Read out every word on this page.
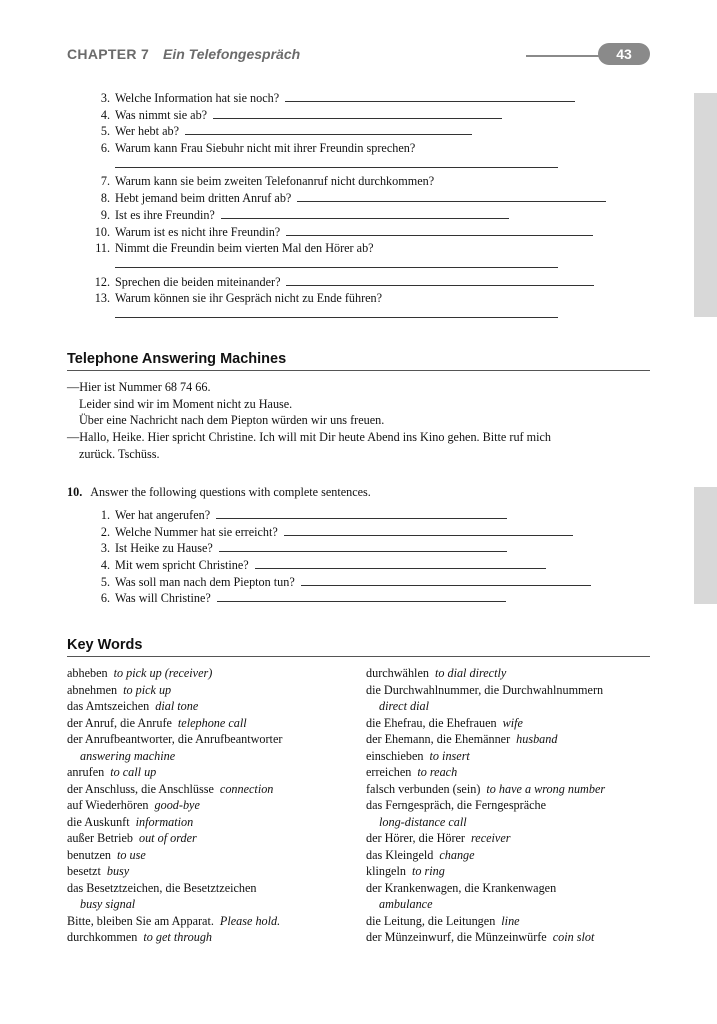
CHAPTER 7 Ein Telefongespräch	43
3. Welche Information hat sie noch?
4. Was nimmt sie ab?
5. Wer hebt ab?
6. Warum kann Frau Siebuhr nicht mit ihrer Freundin sprechen?
7. Warum kann sie beim zweiten Telefonanruf nicht durchkommen?
8. Hebt jemand beim dritten Anruf ab?
9. Ist es ihre Freundin?
10. Warum ist es nicht ihre Freundin?
11. Nimmt die Freundin beim vierten Mal den Hörer ab?
12. Sprechen die beiden miteinander?
13. Warum können sie ihr Gespräch nicht zu Ende führen?
Telephone Answering Machines
—Hier ist Nummer 68 74 66.
Leider sind wir im Moment nicht zu Hause.
Über eine Nachricht nach dem Piepton würden wir uns freuen.
—Hallo, Heike. Hier spricht Christine. Ich will mit Dir heute Abend ins Kino gehen. Bitte ruf mich
zurück. Tschüss.
10. Answer the following questions with complete sentences.
1. Wer hat angerufen?
2. Welche Nummer hat sie erreicht?
3. Ist Heike zu Hause?
4. Mit wem spricht Christine?
5. Was soll man nach dem Piepton tun?
6. Was will Christine?
Key Words
abheben to pick up (receiver)
abnehmen to pick up
das Amtszeichen dial tone
der Anruf, die Anrufe telephone call
der Anrufbeantworter, die Anrufbeantworter
answering machine
anrufen to call up
der Anschluss, die Anschlüsse connection
auf Wiederhören good-bye
die Auskunft information
außer Betrieb out of order
benutzen to use
besetzt busy
das Besetztzeichen, die Besetztzeichen
busy signal
Bitte, bleiben Sie am Apparat. Please hold.
durchkommen to get through
durchwählen to dial directly
die Durchwahlnummer, die Durchwahlnummern
direct dial
die Ehefrau, die Ehefrauen wife
der Ehemann, die Ehemänner husband
einschieben to insert
erreichen to reach
falsch verbunden (sein) to have a wrong number
das Ferngespräch, die Ferngespräche
long-distance call
der Hörer, die Hörer receiver
das Kleingeld change
klingeln to ring
der Krankenwagen, die Krankenwagen
ambulance
die Leitung, die Leitungen line
der Münzeinwurf, die Münzeinwürfe coin slot
